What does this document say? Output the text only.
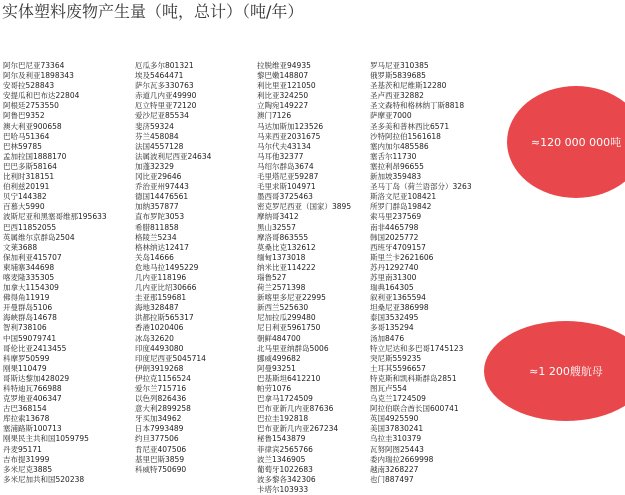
实体塑料废物产生量（吨，总计）（吨/年）
阿尔巴尼亚73364
阿尔及利亚1898343
安哥拉528843
安提瓜和巴布达22804
阿根廷2753550
阿鲁巴9352
澳大利亚900658
巴哈马51364
巴林59785
孟加拉国1888170
巴巴多斯58164
比利时318151
伯利兹20191
贝宁144382
百慕大5990
波斯尼亚和黑塞哥维那195633
巴西11852055
英属维尔京群岛2504
文莱3688
保加利亚415707
柬埔寨344698
喀麦隆335305
加拿大1154309
佛得角11919
开曼群岛5106
海峡群岛14678
智利738106
中国59079741
哥伦比亚2413455
科摩罗50599
刚果110479
哥斯达黎加428029
科特迪瓦766988
克罗地亚406347
古巴368154
库拉索13678
塞浦路斯100713
刚果民主共和国1059795
丹麦95171
吉布提31999
多米尼克3885
多米尼加共和国520238
厄瓜多尔801321
埃及5464471
萨尔瓦多330763
赤道几内亚49990
厄立特里亚72120
爱沙尼亚85534
斐济59324
芬兰458084
法国4557128
法属波利尼西亚24634
加蓬32329
冈比亚29646
乔治亚州97443
德国14476561
加纳357877
直布罗陀3053
希腊811858
格陵兰5234
格林纳达12417
关岛14666
危地马拉1495229
几内亚118196
几内亚比绍30666
圭亚那159681
海地328487
洪都拉斯565317
香港1020406
冰岛32620
印度4493080
印度尼西亚5045714
伊朗3919268
伊拉克1156524
爱尔兰715716
以色列826436
意大利2899258
牙买加34962
日本7993489
约旦377506
肯尼亚407506
基里巴斯3859
科威特750690
拉脱维亚94935
黎巴嫩148807
利比里亚121050
利比亚324250
立陶宛149227
澳门7126
马达加斯加123526
马来西亚2031675
马尔代夫43134
马耳他32377
马绍尔群岛3674
毛里塔尼亚59287
毛里求斯104971
墨西哥3725463
密克罗尼西亚（国家）3895
摩纳哥3412
黑山32557
摩洛哥863555
莫桑比克132612
缅甸1373018
纳米比亚114222
瑙鲁527
荷兰2571398
新喀里多尼亚22995
新西兰525630
尼加拉瓜299480
尼日利亚5961750
朝鲜484700
北马里亚纳群岛5006
挪威499682
阿曼93251
巴基斯坦6412210
帕劳1076
巴拿马1724509
巴布亚新几内亚87636
巴拉圭192818
巴布亚新几内亚267234
秘鲁1543879
菲律宾2565766
波兰1346905
葡萄牙1022683
波多黎各342306
卡塔尔103933
罗马尼亚310385
俄罗斯5839685
圣基茨和尼维斯12280
圣卢西亚32882
圣文森特和格林纳丁斯8818
萨摩亚7000
圣多美和普林西比6571
沙特阿拉伯1561618
塞内加尔485586
塞舌尔11730
塞拉利昂96655
新加坡359483
圣马丁岛（荷兰语部分）3263
斯洛文尼亚108421
所罗门群岛19842
索马里237569
南非4465798
韩国2025772
西班牙4709157
斯里兰卡2621606
苏丹1292740
苏里南31300
瑞典164305
叙利亚1365594
坦桑尼亚386998
泰国3532495
多哥135294
汤加8476
特立尼达和多巴哥1745123
突尼斯559235
土耳其5596657
特克斯和凯科斯群岛2851
图瓦卢554
乌克兰1724509
阿拉伯联合酋长国600741
英国4925590
美国37830241
乌拉圭310379
瓦努阿图25443
委内瑞拉2669998
越南3268227
也门887497
≈120 000 000吨
≈1 200艘航母
